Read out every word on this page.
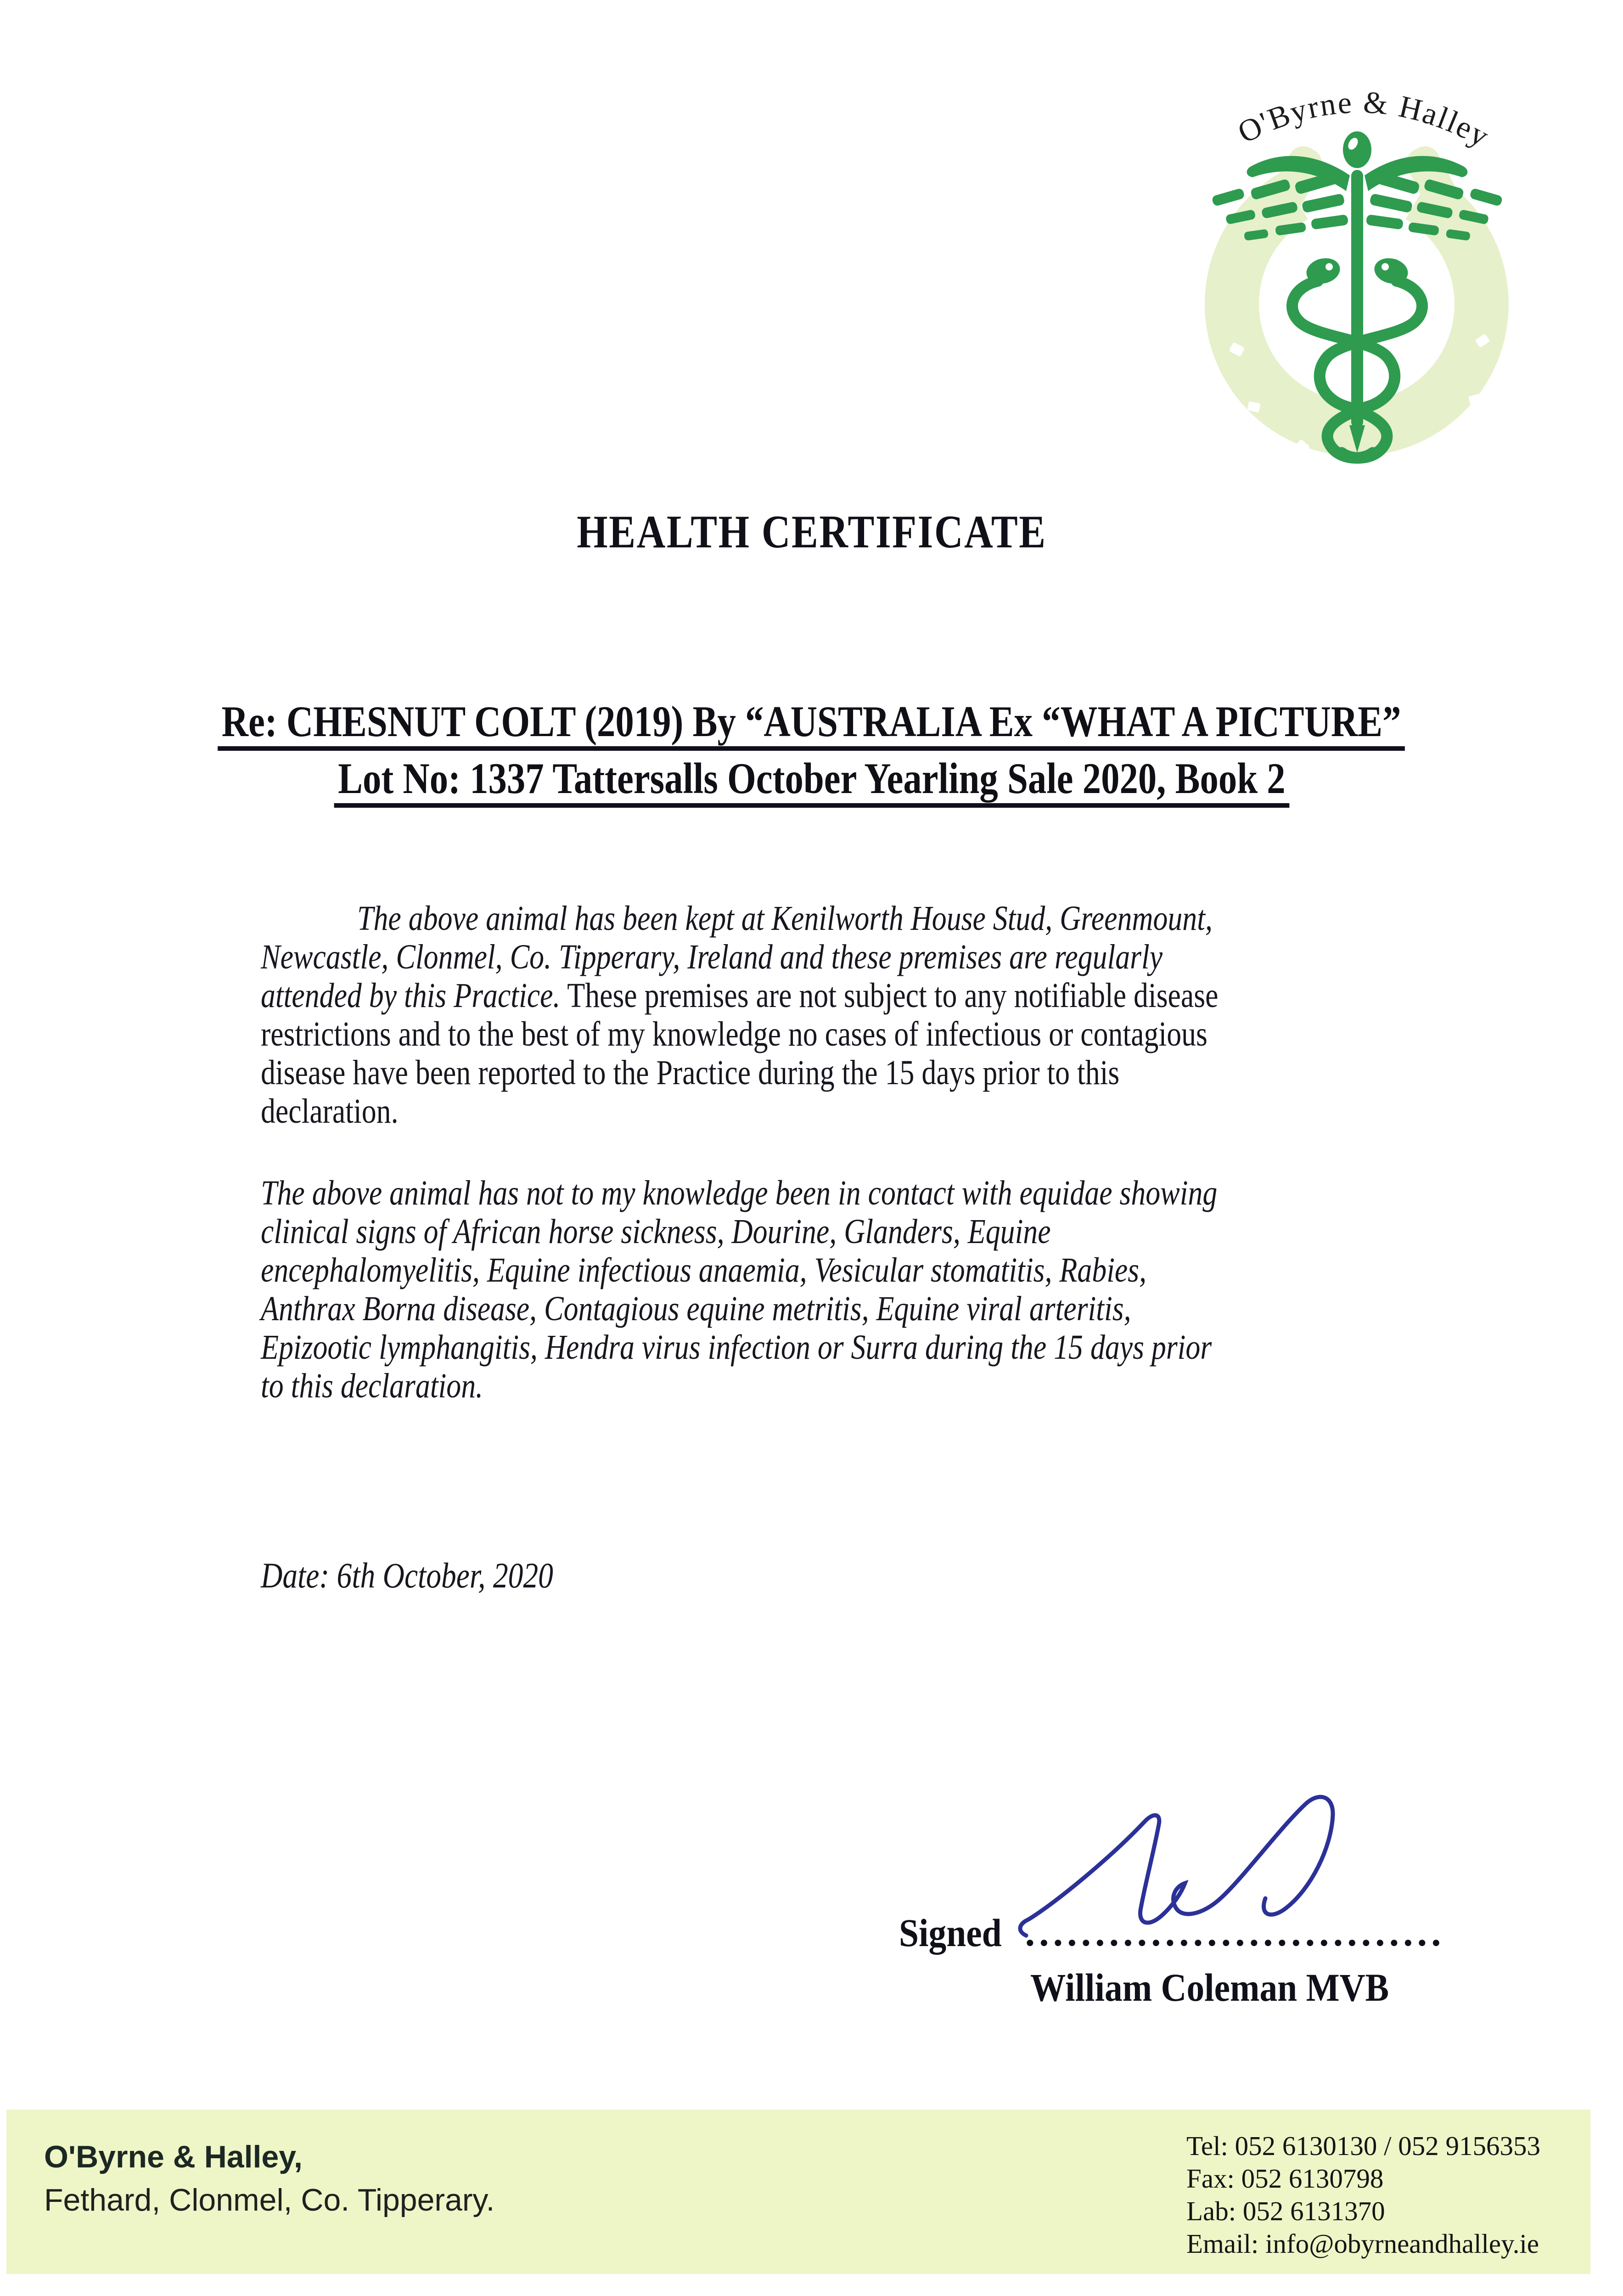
O'Byrne & Halley
HEALTH CERTIFICATE
Re: CHESNUT COLT (2019) By “AUSTRALIA Ex “WHAT A PICTURE”
Lot No: 1337 Tattersalls October Yearling Sale 2020, Book 2
The above animal has been kept at Kenilworth House Stud, Greenmount,
Newcastle, Clonmel, Co. Tipperary, Ireland and these premises are regularly
attended by this Practice. These premises are not subject to any notifiable disease
restrictions and to the best of my knowledge no cases of infectious or contagious
disease have been reported to the Practice during the 15 days prior to this
declaration.
The above animal has not to my knowledge been in contact with equidae showing
clinical signs of African horse sickness, Dourine, Glanders, Equine
encephalomyelitis, Equine infectious anaemia, Vesicular stomatitis, Rabies,
Anthrax Borna disease, Contagious equine metritis, Equine viral arteritis,
Epizootic lymphangitis, Hendra virus infection or Surra during the 15 days prior
to this declaration.
Date: 6th October, 2020
Signed ..............................
William Coleman MVB
O'Byrne & Halley,
Fethard, Clonmel, Co. Tipperary.
Tel: 052 6130130 / 052 9156353
Fax: 052 6130798
Lab: 052 6131370
Email: info@obyrneandhalley.ie
